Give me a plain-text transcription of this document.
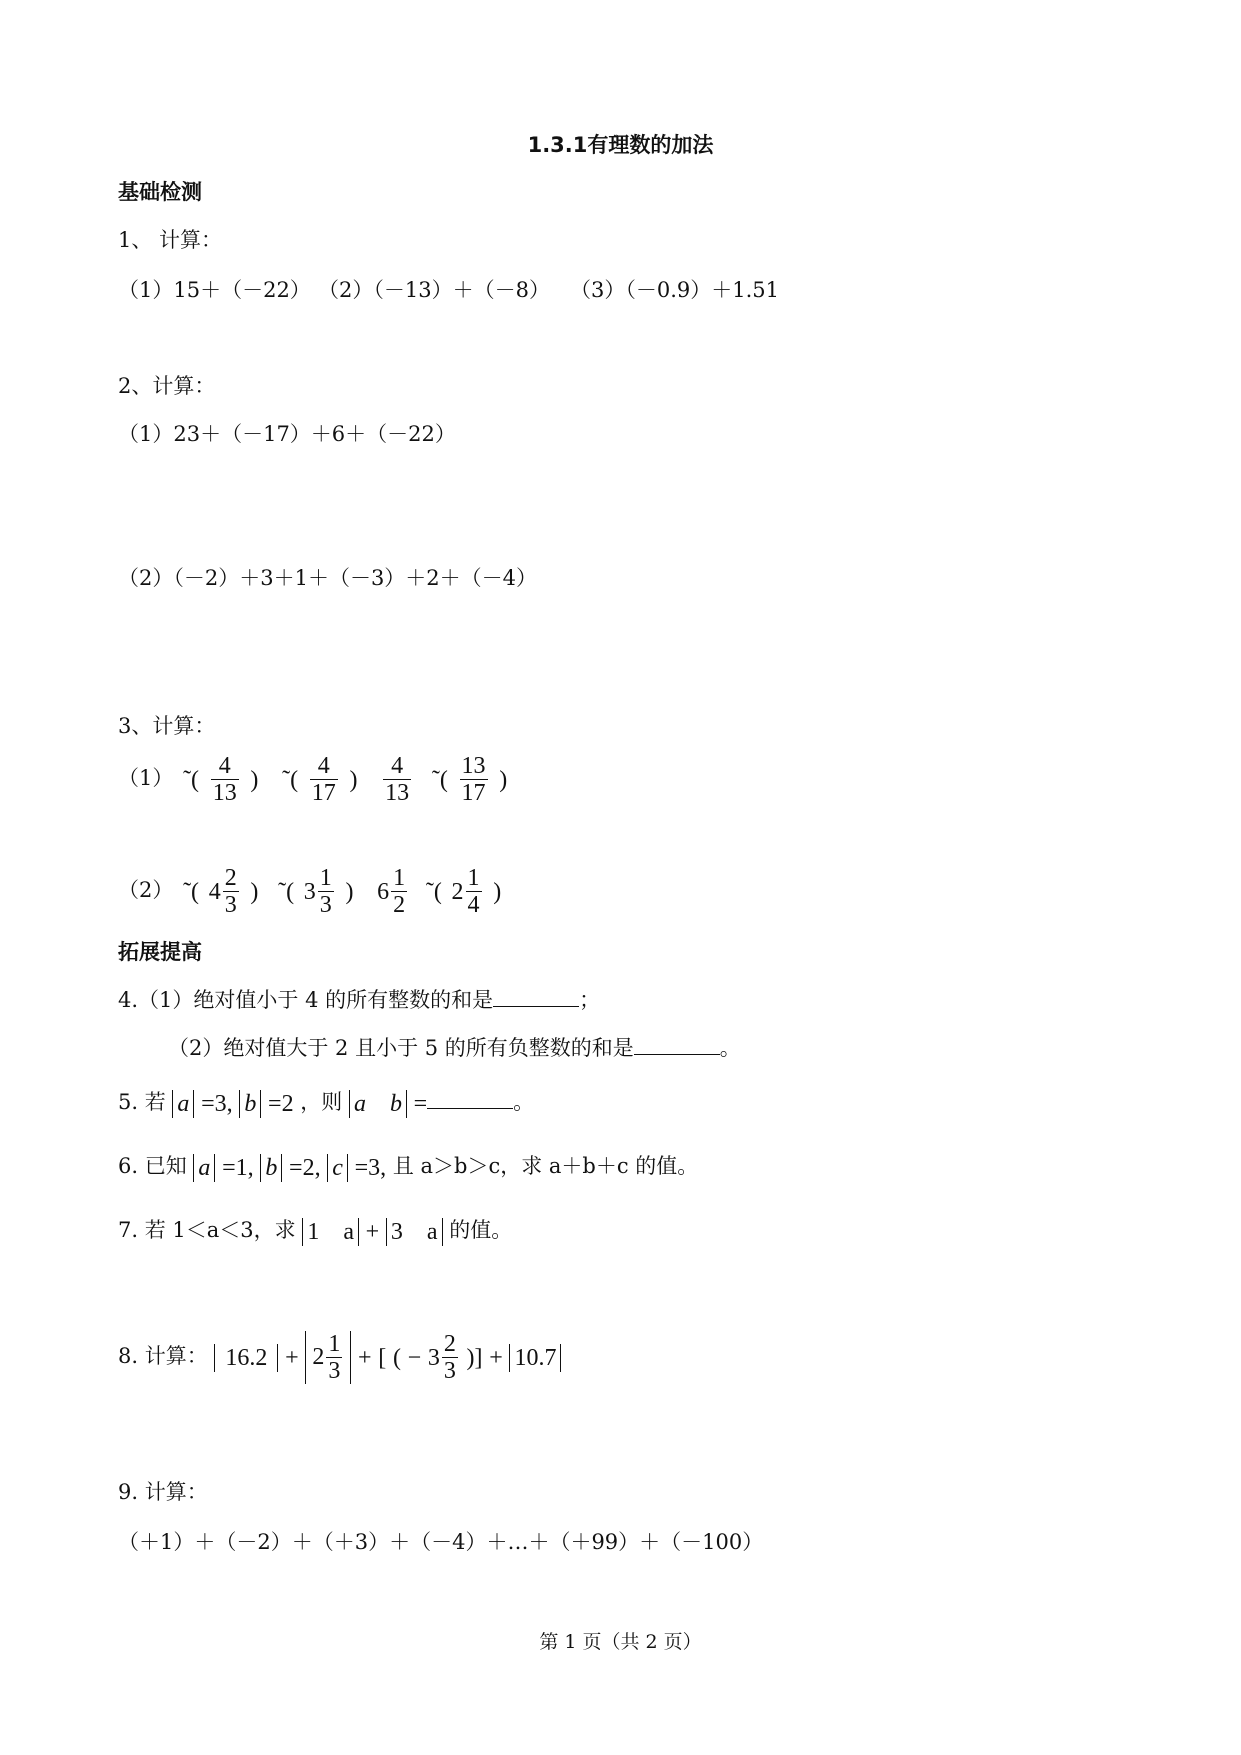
1.3.1有理数的加法
基础检测
1、 计算：
（1）15＋（－22） （2）（－13）＋（－8） （3）（－0.9）＋1.51
2、计算：
（1）23＋（－17）＋6＋（－22）
（2）（－2）＋3＋1＋（－3）＋2＋（－4）
3、计算：
（1） ˜( $\frac{4}{13}$ ) ˜( $\frac{4}{17}$ ) $\frac{4}{13}$ ˜( $\frac{13}{17}$ )
（2） ˜( $4 \frac{2}{3}$ ) ˜( $3 \frac{1}{3}$ ) $6 \frac{1}{2}$ ˜( $2 \frac{1}{4}$ )
拓展提高
4.（1）绝对值小于 4 的所有整数的和是	；
（2）绝对值大于 2 且小于 5 的所有负整数的和是	。
5. 若 a =3, b =2 ，则 a    b =	。
6. 已知 a =1, b =2, c =3, 且 a＞b＞c，求 a＋b＋c 的值。
7. 若 1＜a＜3，求 1    a + 3    a 的值。
8. 计算： $16.2 + 2 \frac{1}{3}$ + [ ( − $3 \frac{2}{3}$ )] + 10.7
9. 计算：
（＋1）＋（－2）＋（＋3）＋（－4）＋…＋（＋99）＋（－100）
第 1 页（共 2 页）
